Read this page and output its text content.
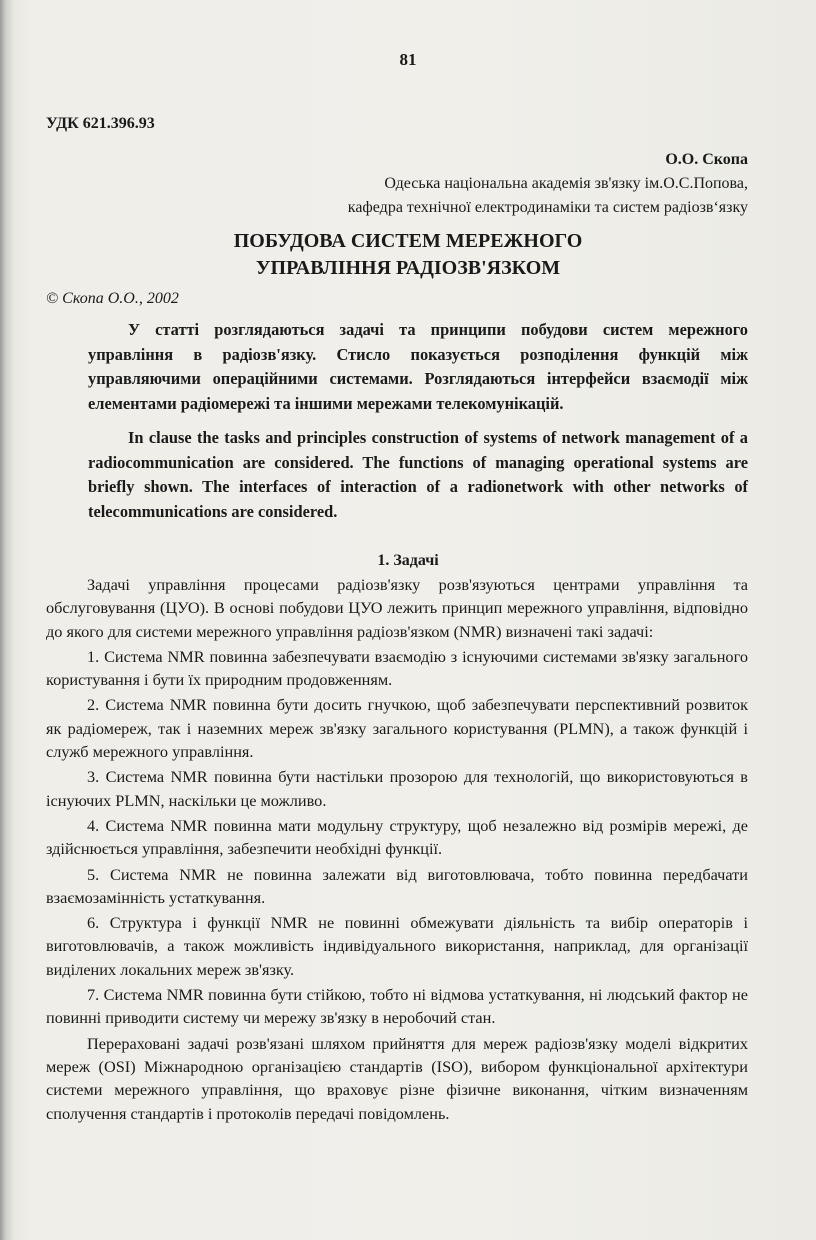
81
УДК 621.396.93
О.О. Скопа
Одеська національна академія зв'язку ім.О.С.Попова,
кафедра технічної електродинаміки та систем радіозв‘язку
ПОБУДОВА СИСТЕМ МЕРЕЖНОГО
УПРАВЛІННЯ РАДІОЗВ'ЯЗКОМ
© Скопа О.О., 2002

У статті розглядаються задачі та принципи побудови систем мережного управління в радіозв'язку. Стисло показується розподілення функцій між управляючими операційними системами. Розглядаються інтерфейси взаємодії між елементами радіомережі та іншими мережами телекомунікацій.

In clause the tasks and principles construction of systems of network management of a radiocommunication are considered. The functions of managing operational systems are briefly shown. The interfaces of interaction of a radionetwork with other networks of telecommunications are considered.

1. Задачі

Задачі управління процесами радіозв'язку розв'язуються центрами управління та обслуговування (ЦУО). В основі побудови ЦУО лежить принцип мережного управління, відповідно до якого для системи мережного управління радіозв'язком (NMR) визначені такі задачі:

1. Система NMR повинна забезпечувати взаємодію з існуючими системами зв'язку загального користування і бути їх природним продовженням.

2. Система NMR повинна бути досить гнучкою, щоб забезпечувати перспективний розвиток як радіомереж, так і наземних мереж зв'язку загального користування (PLMN), а також функцій і служб мережного управління.

3. Система NMR повинна бути настільки прозорою для технологій, що використовуються в існуючих PLMN, наскільки це можливо.

4. Система NMR повинна мати модульну структуру, щоб незалежно від розмірів мережі, де здійснюється управління, забезпечити необхідні функції.

5. Система NMR не повинна залежати від виготовлювача, тобто повинна передбачати взаємозамінність устаткування.

6. Структура і функції NMR не повинні обмежувати діяльність та вибір операторів і виготовлювачів, а також можливість індивідуального використання, наприклад, для організації виділених локальних мереж зв'язку.

7. Система NMR повинна бути стійкою, тобто ні відмова устаткування, ні людський фактор не повинні приводити систему чи мережу зв'язку в неробочий стан.

Перераховані задачі розв'язані шляхом прийняття для мереж радіозв'язку моделі відкритих мереж (OSI) Міжнародною організацією стандартів (ISO), вибором функціональної архітектури системи мережного управління, що враховує різне фізичне виконання, чітким визначенням сполучення стандартів і протоколів передачі повідомлень.
